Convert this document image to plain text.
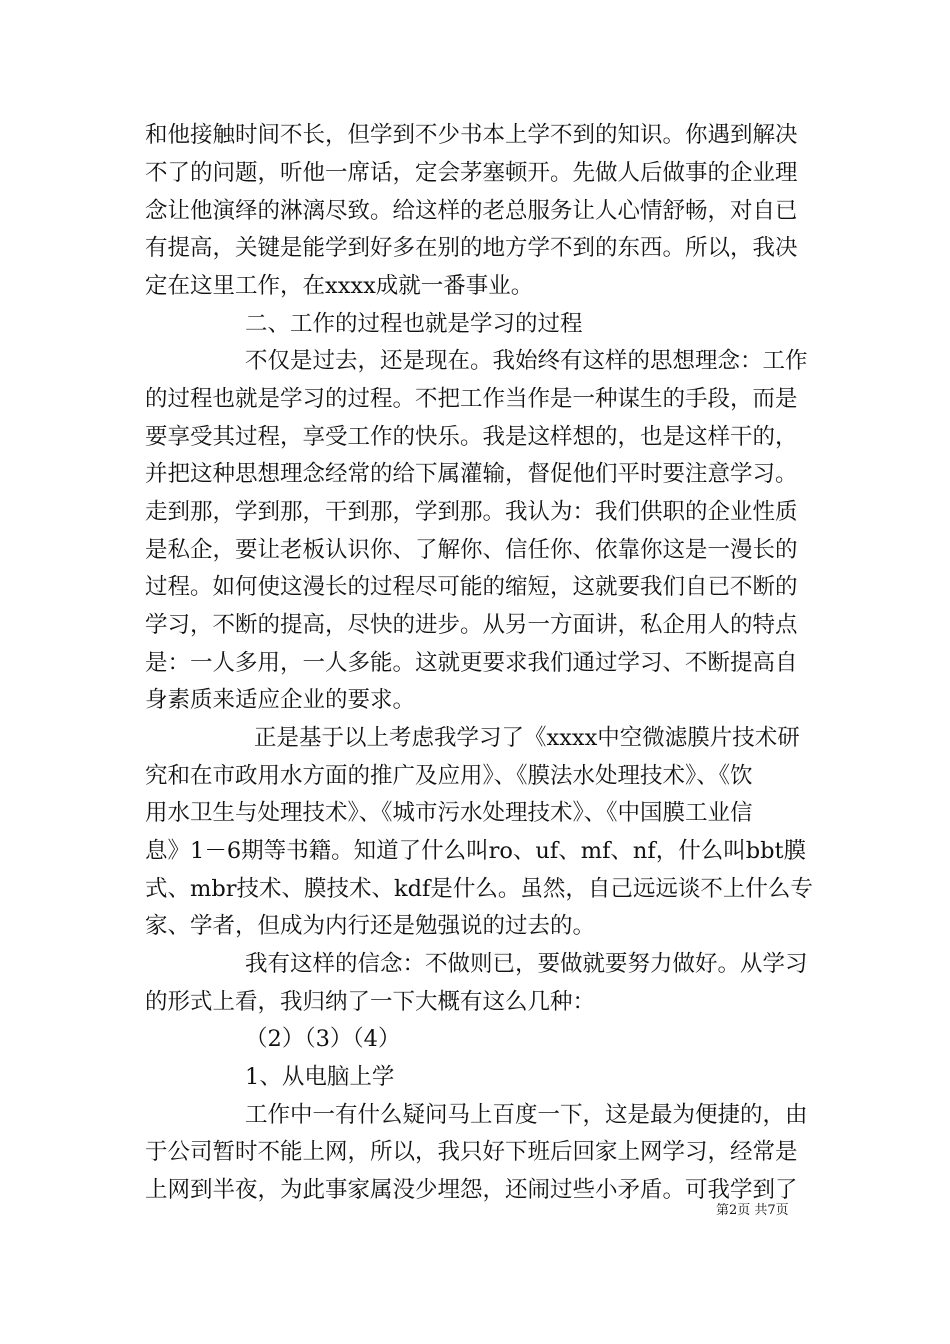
和他接触时间不长，但学到不少书本上学不到的知识。你遇到解决
不了的问题，听他一席话，定会茅塞顿开。先做人后做事的企业理
念让他演绎的淋漓尽致。给这样的老总服务让人心情舒畅，对自已
有提高，关键是能学到好多在别的地方学不到的东西。所以，我决
定在这里工作，在xxxx成就一番事业。
二、工作的过程也就是学习的过程
不仅是过去，还是现在。我始终有这样的思想理念：工作
的过程也就是学习的过程。不把工作当作是一种谋生的手段，而是
要享受其过程，享受工作的快乐。我是这样想的，也是这样干的，
并把这种思想理念经常的给下属灌输，督促他们平时要注意学习。
走到那，学到那，干到那，学到那。我认为：我们供职的企业性质
是私企，要让老板认识你、了解你、信任你、依靠你这是一漫长的
过程。如何使这漫长的过程尽可能的缩短，这就要我们自已不断的
学习，不断的提高，尽快的进步。从另一方面讲，私企用人的特点
是：一人多用，一人多能。这就更要求我们通过学习、不断提高自
身素质来适应企业的要求。
正是基于以上考虑我学习了《xxxx中空微滤膜片技术研
究和在市政用水方面的推广及应用》、《膜法水处理技术》、《饮
用水卫生与处理技术》、《城市污水处理技术》、《中国膜工业信
息》1－6期等书籍。知道了什么叫ro、uf、mf、nf，什么叫bbt膜
式、mbr技术、膜技术、kdf是什么。虽然，自己远远谈不上什么专
家、学者，但成为内行还是勉强说的过去的。
我有这样的信念：不做则已，要做就要努力做好。从学习
的形式上看，我归纳了一下大概有这么几种：
（2）（3）（4）
1、从电脑上学
工作中一有什么疑问马上百度一下，这是最为便捷的，由
于公司暂时不能上网，所以，我只好下班后回家上网学习，经常是
上网到半夜，为此事家属没少埋怨，还闹过些小矛盾。可我学到了
第2页 共7页
